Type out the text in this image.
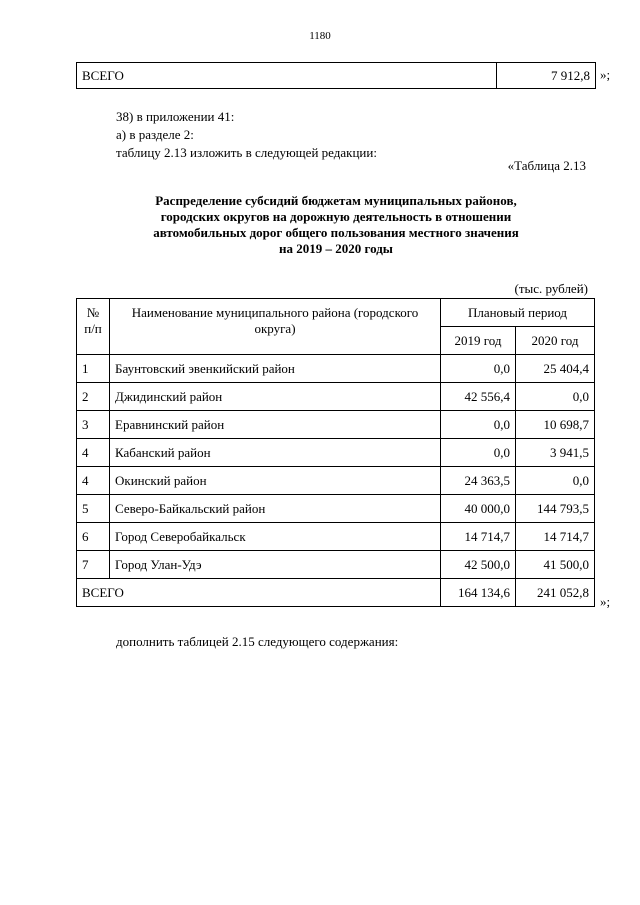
1180
ВСЕГО	7 912,8 »;
38) в приложении 41:
а) в разделе 2:
таблицу 2.13 изложить в следующей редакции:
«Таблица 2.13
Распределение субсидий бюджетам муниципальных районов,
городских округов на дорожную деятельность в отношении
автомобильных дорог общего пользования местного значения
на 2019 – 2020 годы
(тыс. рублей)
№ п/п	Наименование муниципального района (городского округа)	Плановый период	
		2019 год	2020 год
1	Баунтовский эвенкийский район	0,0	25 404,4
2	Джидинский район	42 556,4	0,0
3	Еравнинский район	0,0	10 698,7
4	Кабанский район	0,0	3 941,5
4	Окинский район	24 363,5	0,0
5	Северо-Байкальский район	40 000,0	144 793,5
6	Город Северобайкальск	14 714,7	14 714,7
7	Город Улан-Удэ	42 500,0	41 500,0
ВСЕГО		164 134,6	241 052,8
»;
дополнить таблицей 2.15 следующего содержания:
